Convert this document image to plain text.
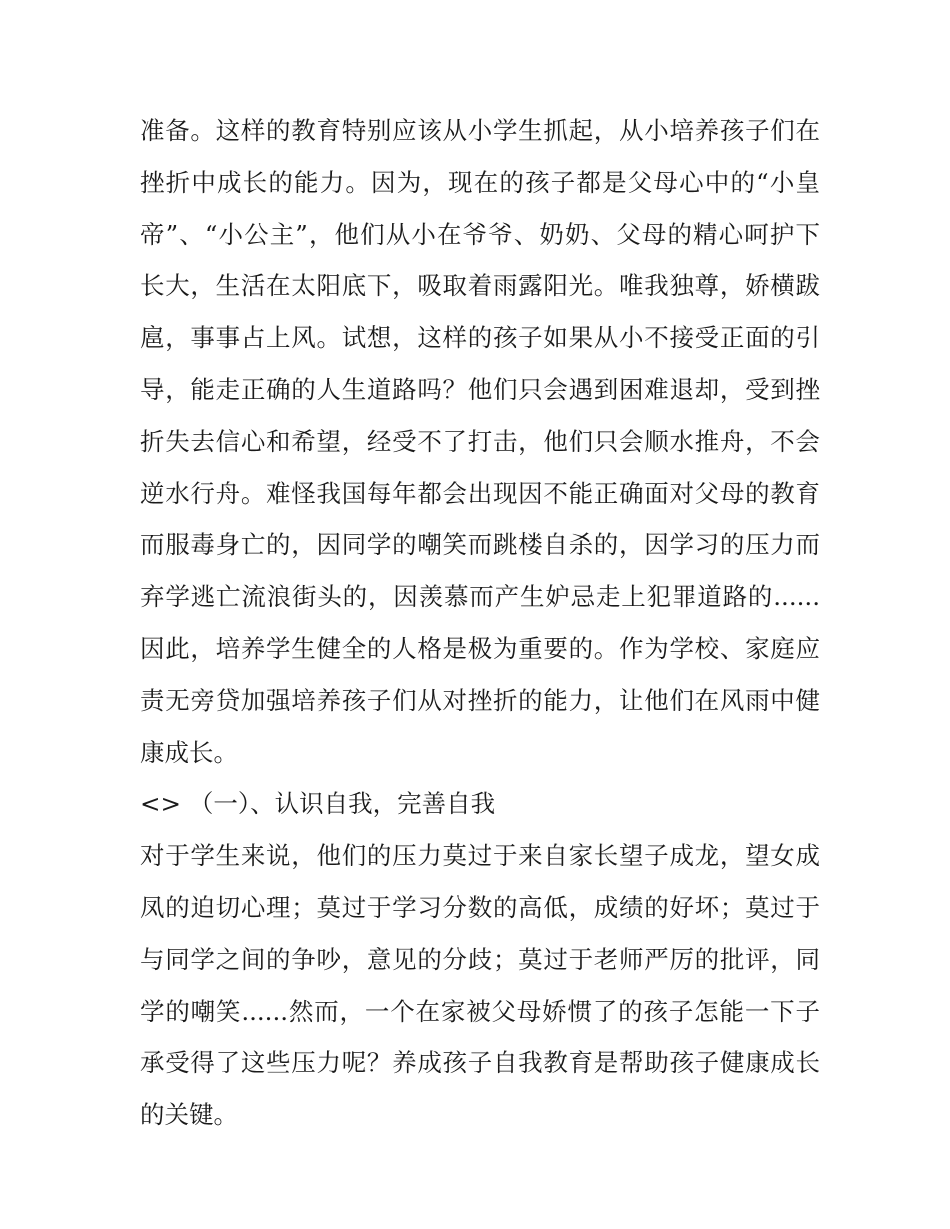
准备。这样的教育特别应该从小学生抓起，从小培养孩子们在
挫折中成长的能力。因为，现在的孩子都是父母心中的“小皇
帝”、“小公主”，他们从小在爷爷、奶奶、父母的精心呵护下
长大，生活在太阳底下，吸取着雨露阳光。唯我独尊，娇横跋
扈，事事占上风。试想，这样的孩子如果从小不接受正面的引
导，能走正确的人生道路吗？他们只会遇到困难退却，受到挫
折失去信心和希望，经受不了打击，他们只会顺水推舟，不会
逆水行舟。难怪我国每年都会出现因不能正确面对父母的教育
而服毒身亡的，因同学的嘲笑而跳楼自杀的，因学习的压力而
弃学逃亡流浪街头的，因羡慕而产生妒忌走上犯罪道路的......
因此，培养学生健全的人格是极为重要的。作为学校、家庭应
责无旁贷加强培养孩子们从对挫折的能力，让他们在风雨中健
康成长。
<> （一）、认识自我，完善自我
对于学生来说，他们的压力莫过于来自家长望子成龙，望女成
凤的迫切心理；莫过于学习分数的高低，成绩的好坏；莫过于
与同学之间的争吵，意见的分歧；莫过于老师严厉的批评，同
学的嘲笑......然而，一个在家被父母娇惯了的孩子怎能一下子
承受得了这些压力呢？养成孩子自我教育是帮助孩子健康成长
的关键。
